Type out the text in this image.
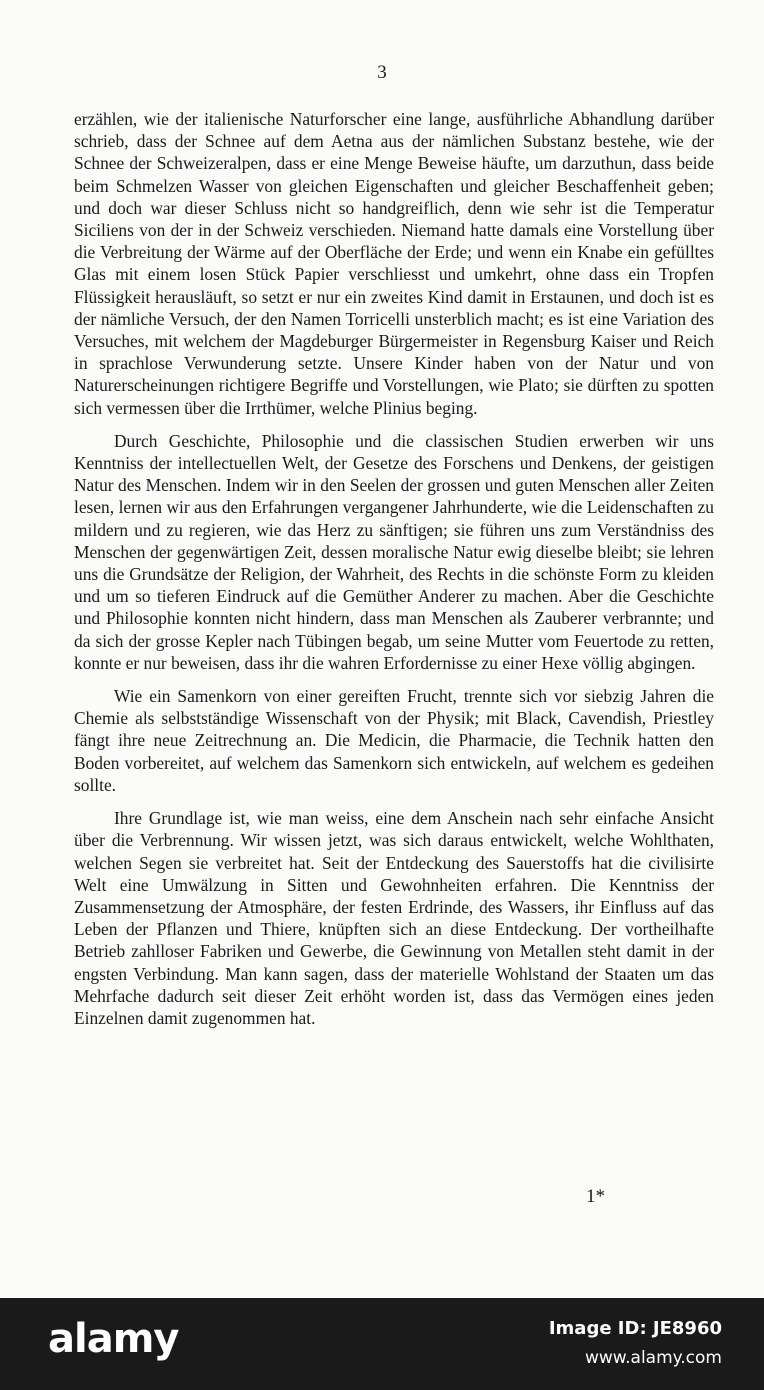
3

erzählen, wie der italienische Naturforscher eine lange, ausführliche Abhandlung darüber schrieb, dass der Schnee auf dem Aetna aus der nämlichen Substanz bestehe, wie der Schnee der Schweizeralpen, dass er eine Menge Beweise häufte, um darzuthun, dass beide beim Schmelzen Wasser von gleichen Eigenschaften und gleicher Beschaffenheit geben; und doch war dieser Schluss nicht so handgreiflich, denn wie sehr ist die Temperatur Siciliens von der in der Schweiz verschieden. Niemand hatte damals eine Vorstellung über die Verbreitung der Wärme auf der Oberfläche der Erde; und wenn ein Knabe ein gefülltes Glas mit einem losen Stück Papier verschliesst und umkehrt, ohne dass ein Tropfen Flüssigkeit herausläuft, so setzt er nur ein zweites Kind damit in Erstaunen, und doch ist es der nämliche Versuch, der den Namen Torricelli unsterblich macht; es ist eine Variation des Versuches, mit welchem der Magdeburger Bürgermeister in Regensburg Kaiser und Reich in sprachlose Verwunderung setzte. Unsere Kinder haben von der Natur und von Naturerscheinungen richtigere Begriffe und Vorstellungen, wie Plato; sie dürften zu spotten sich vermessen über die Irrthümer, welche Plinius beging.

Durch Geschichte, Philosophie und die classischen Studien erwerben wir uns Kenntniss der intellectuellen Welt, der Gesetze des Forschens und Denkens, der geistigen Natur des Menschen. Indem wir in den Seelen der grossen und guten Menschen aller Zeiten lesen, lernen wir aus den Erfahrungen vergangener Jahrhunderte, wie die Leidenschaften zu mildern und zu regieren, wie das Herz zu sänftigen; sie führen uns zum Verständniss des Menschen der gegenwärtigen Zeit, dessen moralische Natur ewig dieselbe bleibt; sie lehren uns die Grundsätze der Religion, der Wahrheit, des Rechts in die schönste Form zu kleiden und um so tieferen Eindruck auf die Gemüther Anderer zu machen. Aber die Geschichte und Philosophie konnten nicht hindern, dass man Menschen als Zauberer verbrannte; und da sich der grosse Kepler nach Tübingen begab, um seine Mutter vom Feuertode zu retten, konnte er nur beweisen, dass ihr die wahren Erfordernisse zu einer Hexe völlig abgingen.

Wie ein Samenkorn von einer gereiften Frucht, trennte sich vor siebzig Jahren die Chemie als selbstständige Wissenschaft von der Physik; mit Black, Cavendish, Priestley fängt ihre neue Zeitrechnung an. Die Medicin, die Pharmacie, die Technik hatten den Boden vorbereitet, auf welchem das Samenkorn sich entwickeln, auf welchem es gedeihen sollte.

Ihre Grundlage ist, wie man weiss, eine dem Anschein nach sehr einfache Ansicht über die Verbrennung. Wir wissen jetzt, was sich daraus entwickelt, welche Wohlthaten, welchen Segen sie verbreitet hat. Seit der Entdeckung des Sauerstoffs hat die civilisirte Welt eine Umwälzung in Sitten und Gewohnheiten erfahren. Die Kenntniss der Zusammensetzung der Atmosphäre, der festen Erdrinde, des Wassers, ihr Einfluss auf das Leben der Pflanzen und Thiere, knüpften sich an diese Entdeckung. Der vortheilhafte Betrieb zahlloser Fabriken und Gewerbe, die Gewinnung von Metallen steht damit in der engsten Verbindung. Man kann sagen, dass der materielle Wohlstand der Staaten um das Mehrfache dadurch seit dieser Zeit erhöht worden ist, dass das Vermögen eines jeden Einzelnen damit zugenommen hat.

1*
alamy	Image ID: JE8960
www.alamy.com
